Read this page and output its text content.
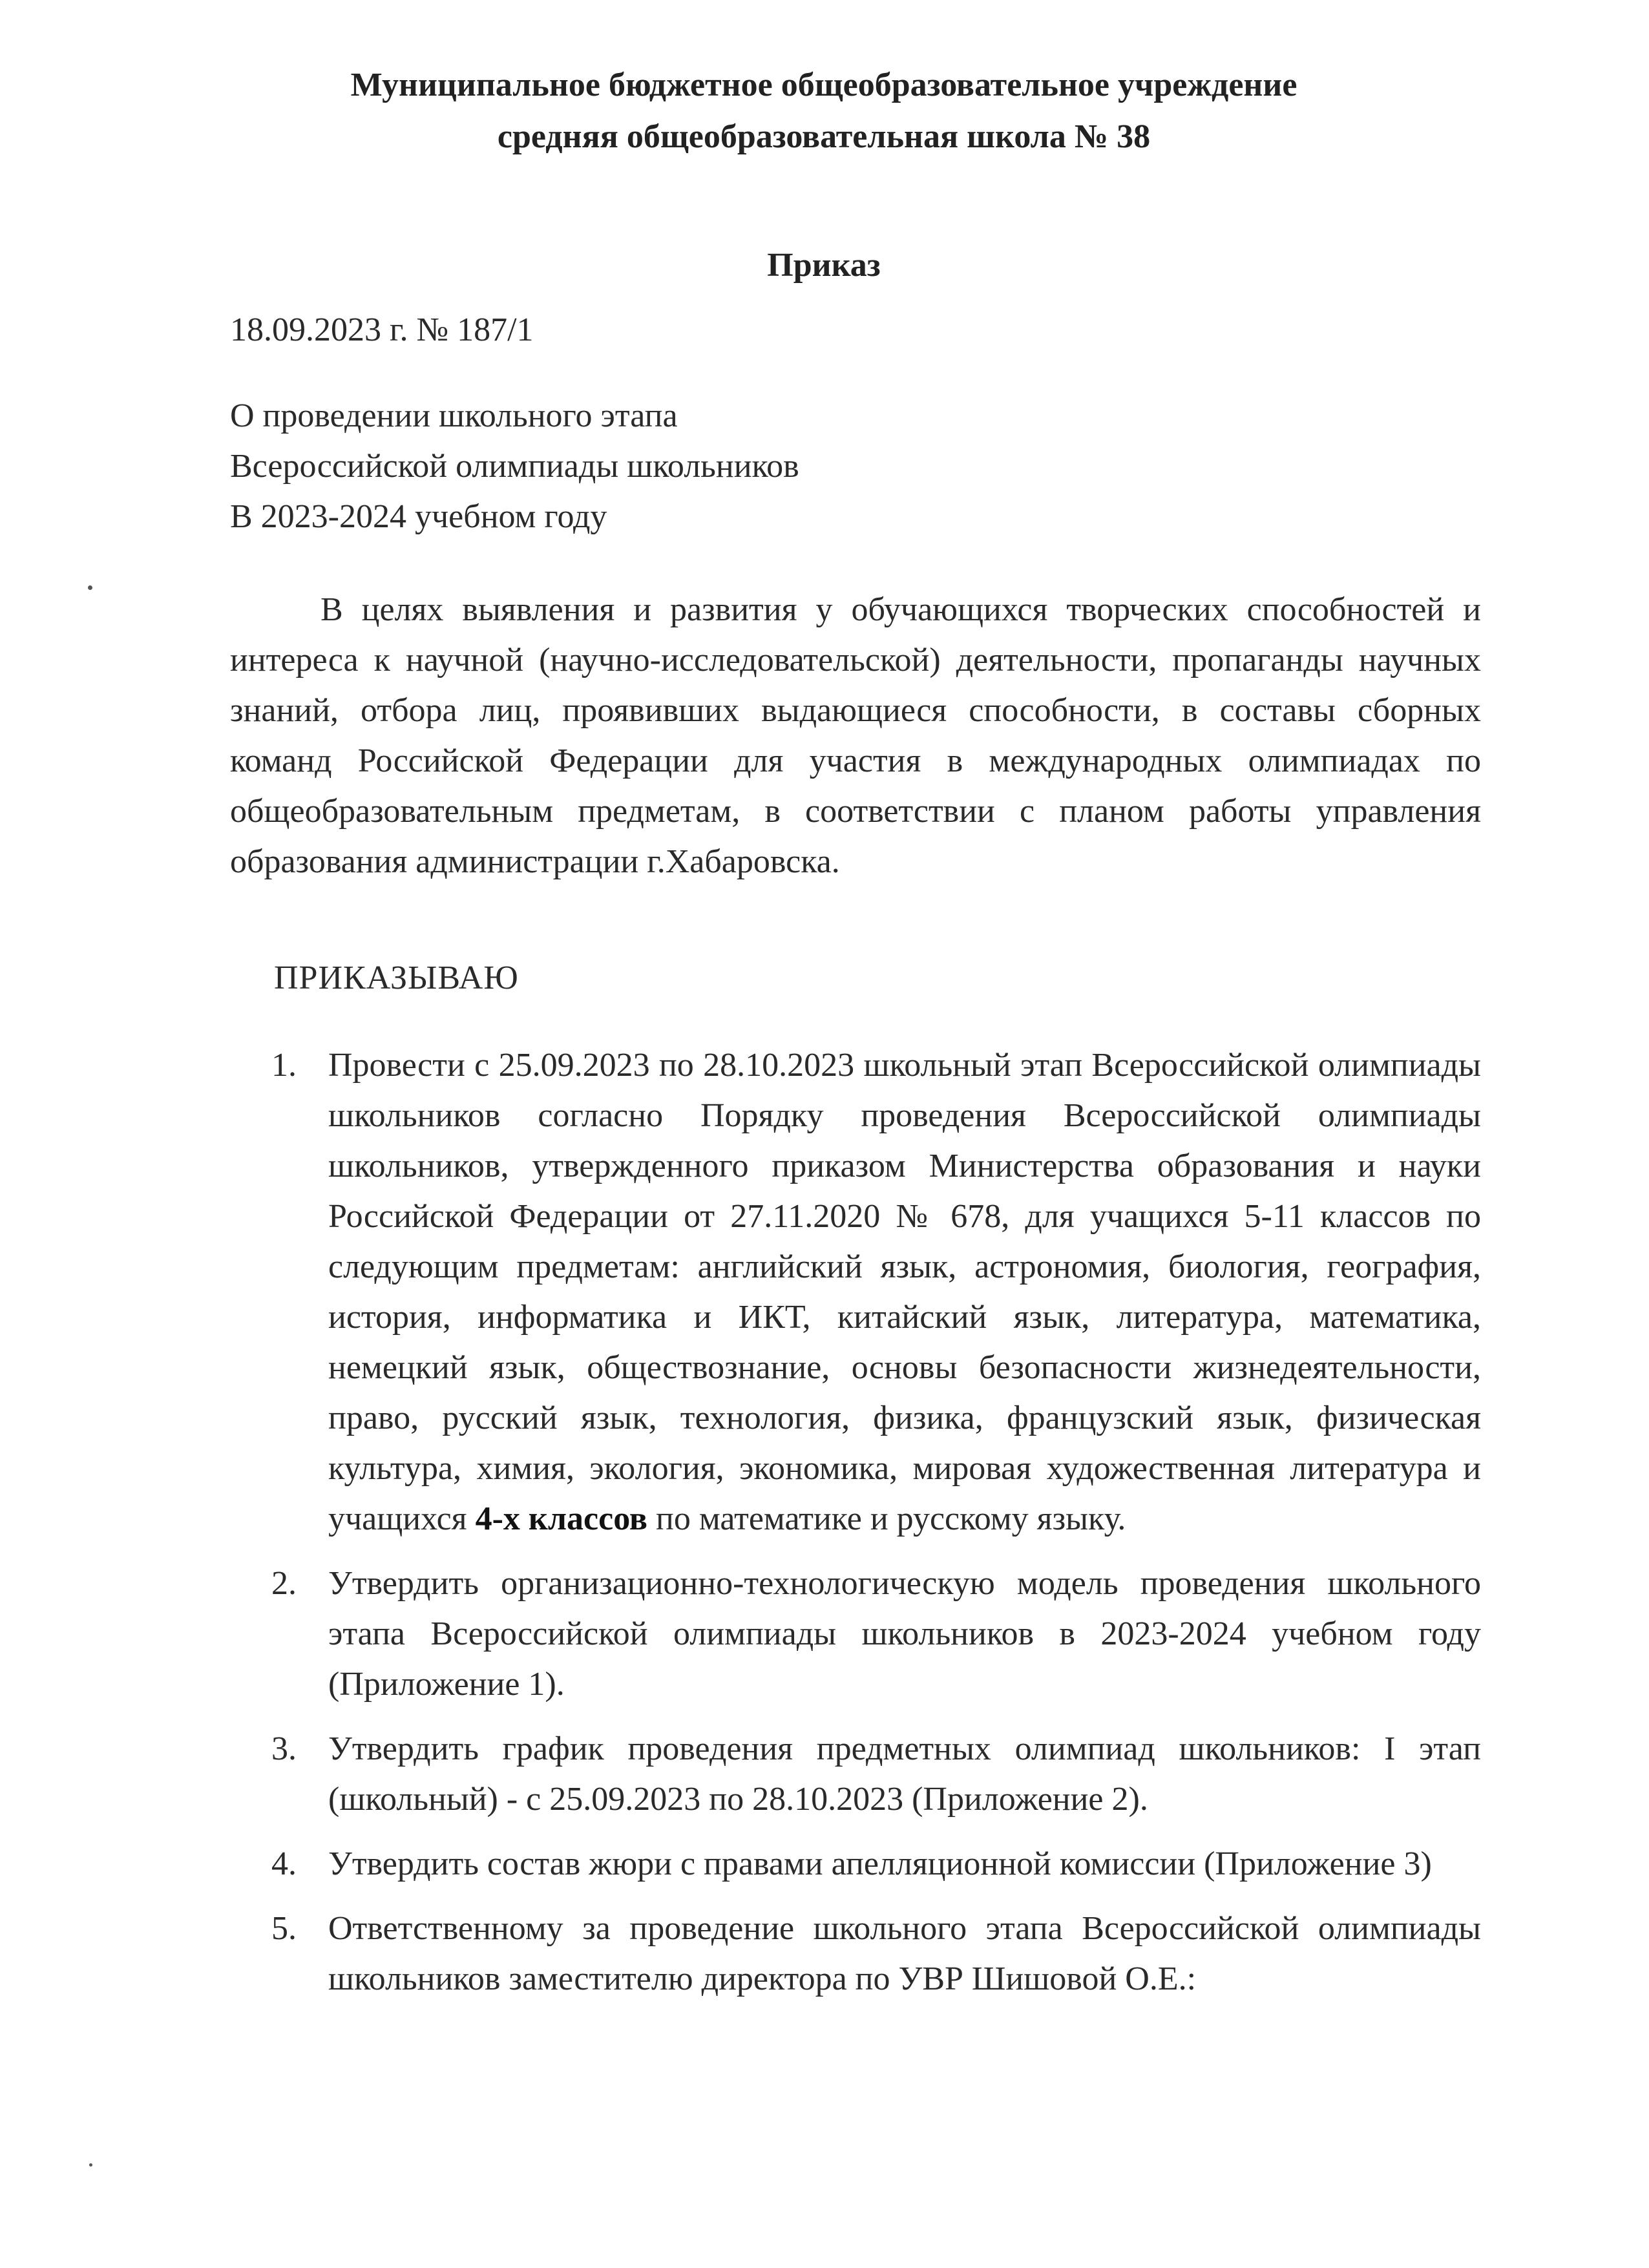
Муниципальное бюджетное общеобразовательное учреждение
средняя общеобразовательная школа № 38
Приказ
18.09.2023 г. № 187/1
О проведении школьного этапа
Всероссийской олимпиады школьников
В 2023-2024 учебном году
В целях выявления и развития у обучающихся творческих способностей и интереса к научной (научно-исследовательской) деятельности, пропаганды научных знаний, отбора лиц, проявивших выдающиеся способности, в составы сборных команд Российской Федерации для участия в международных олимпиадах по общеобразовательным предметам, в соответствии с планом работы управления образования администрации г.Хабаровска.
ПРИКАЗЫВАЮ
1. Провести с 25.09.2023 по 28.10.2023 школьный этап Всероссийской олимпиады школьников согласно Порядку проведения Всероссийской олимпиады школьников, утвержденного приказом Министерства образования и науки Российской Федерации от 27.11.2020 № 678, для учащихся 5-11 классов по следующим предметам: английский язык, астрономия, биология, география, история, информатика и ИКТ, китайский язык, литература, математика, немецкий язык, обществознание, основы безопасности жизнедеятельности, право, русский язык, технология, физика, французский язык, физическая культура, химия, экология, экономика, мировая художественная литература и учащихся 4-х классов по математике и русскому языку.
2. Утвердить организационно-технологическую модель проведения школьного этапа Всероссийской олимпиады школьников в 2023-2024 учебном году (Приложение 1).
3. Утвердить график проведения предметных олимпиад школьников: I этап (школьный) - с 25.09.2023 по 28.10.2023 (Приложение 2).
4. Утвердить состав жюри с правами апелляционной комиссии (Приложение 3)
5. Ответственному за проведение школьного этапа Всероссийской олимпиады школьников заместителю директора по УВР Шишовой О.Е.:
